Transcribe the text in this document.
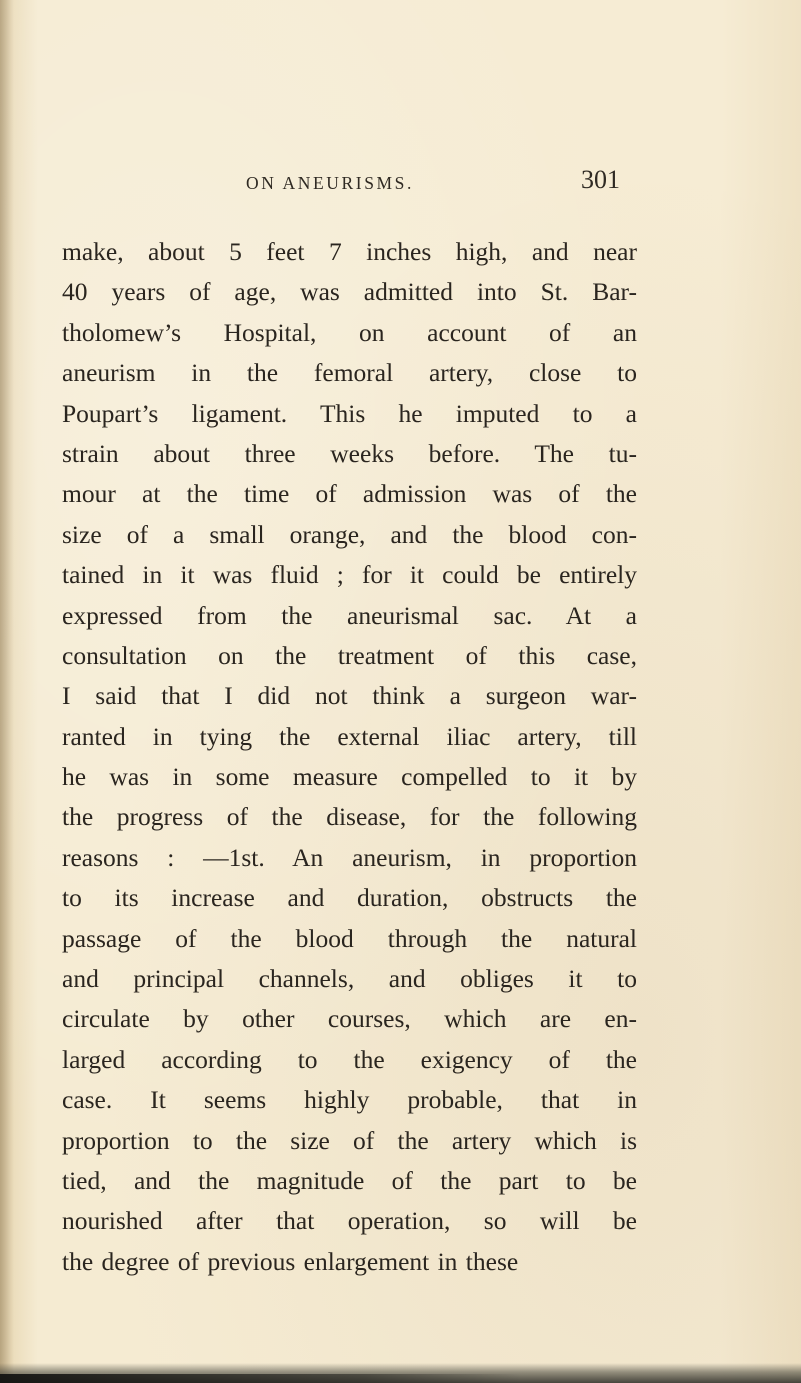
ON ANEURISMS.	301
make, about 5 feet 7 inches high, and near
40 years of age, was admitted into St. Bar-
tholomew’s Hospital, on account of an
aneurism in the femoral artery, close to
Poupart’s ligament. This he imputed to a
strain about three weeks before. The tu-
mour at the time of admission was of the
size of a small orange, and the blood con-
tained in it was fluid ; for it could be entirely
expressed from the aneurismal sac. At a
consultation on the treatment of this case,
I said that I did not think a surgeon war-
ranted in tying the external iliac artery, till
he was in some measure compelled to it by
the progress of the disease, for the following
reasons : —1st. An aneurism, in proportion
to its increase and duration, obstructs the
passage of the blood through the natural
and principal channels, and obliges it to
circulate by other courses, which are en-
larged according to the exigency of the
case. It seems highly probable, that in
proportion to the size of the artery which is
tied, and the magnitude of the part to be
nourished after that operation, so will be
the degree of previous enlargement in these
